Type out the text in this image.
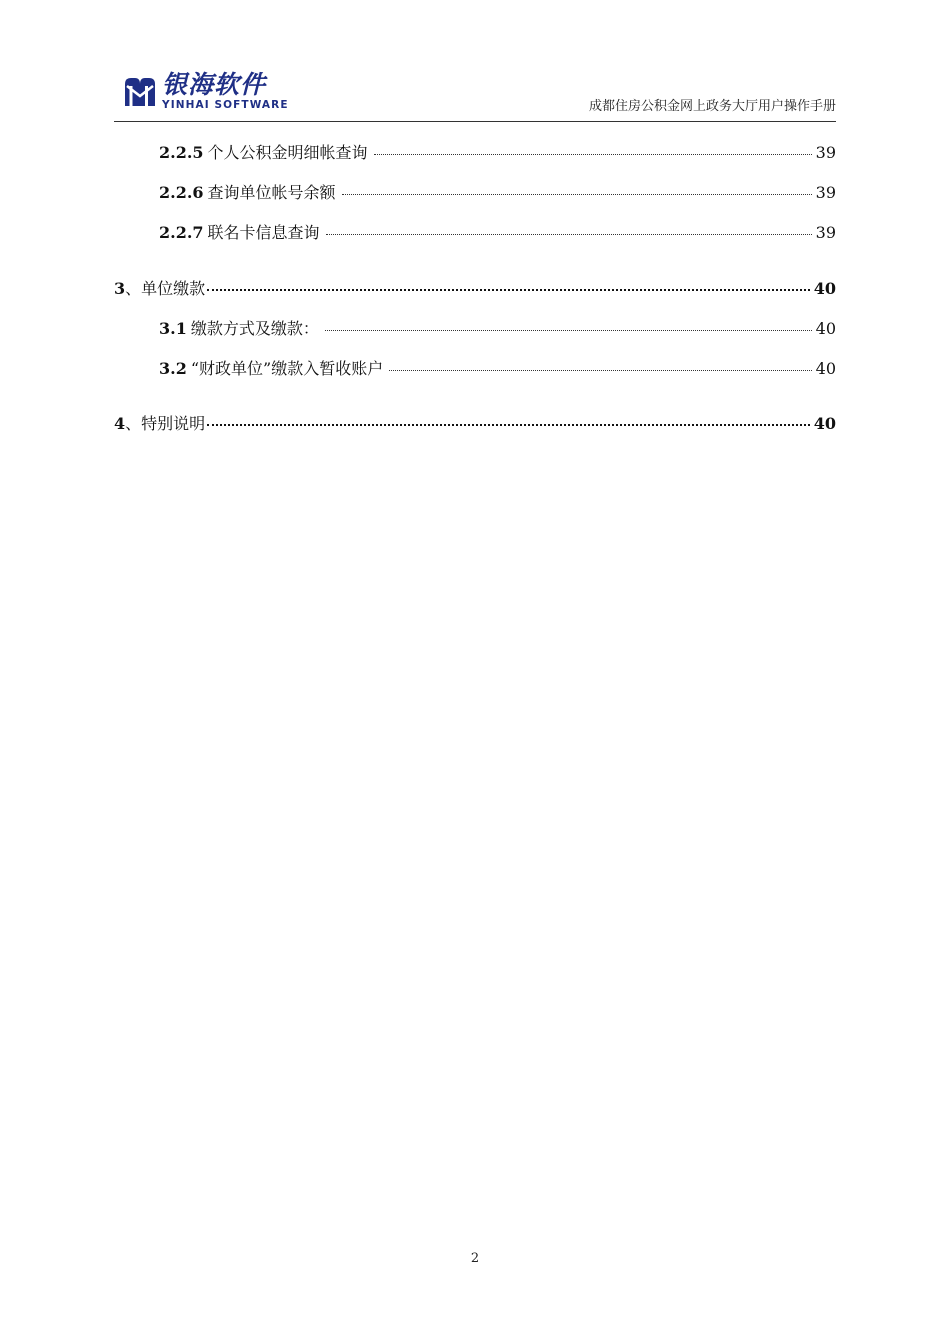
银海软件
YINHAI SOFTWARE	成都住房公积金网上政务大厅用户操作手册
2.2.5 个人公积金明细帐查询	39
2.2.6 查询单位帐号余额	39
2.2.7 联名卡信息查询	39
3 、单位缴款	40
3.1 缴款方式及缴款：	40
3.2 “财政单位”缴款入暂收账户	40
4 、特别说明	40
2
